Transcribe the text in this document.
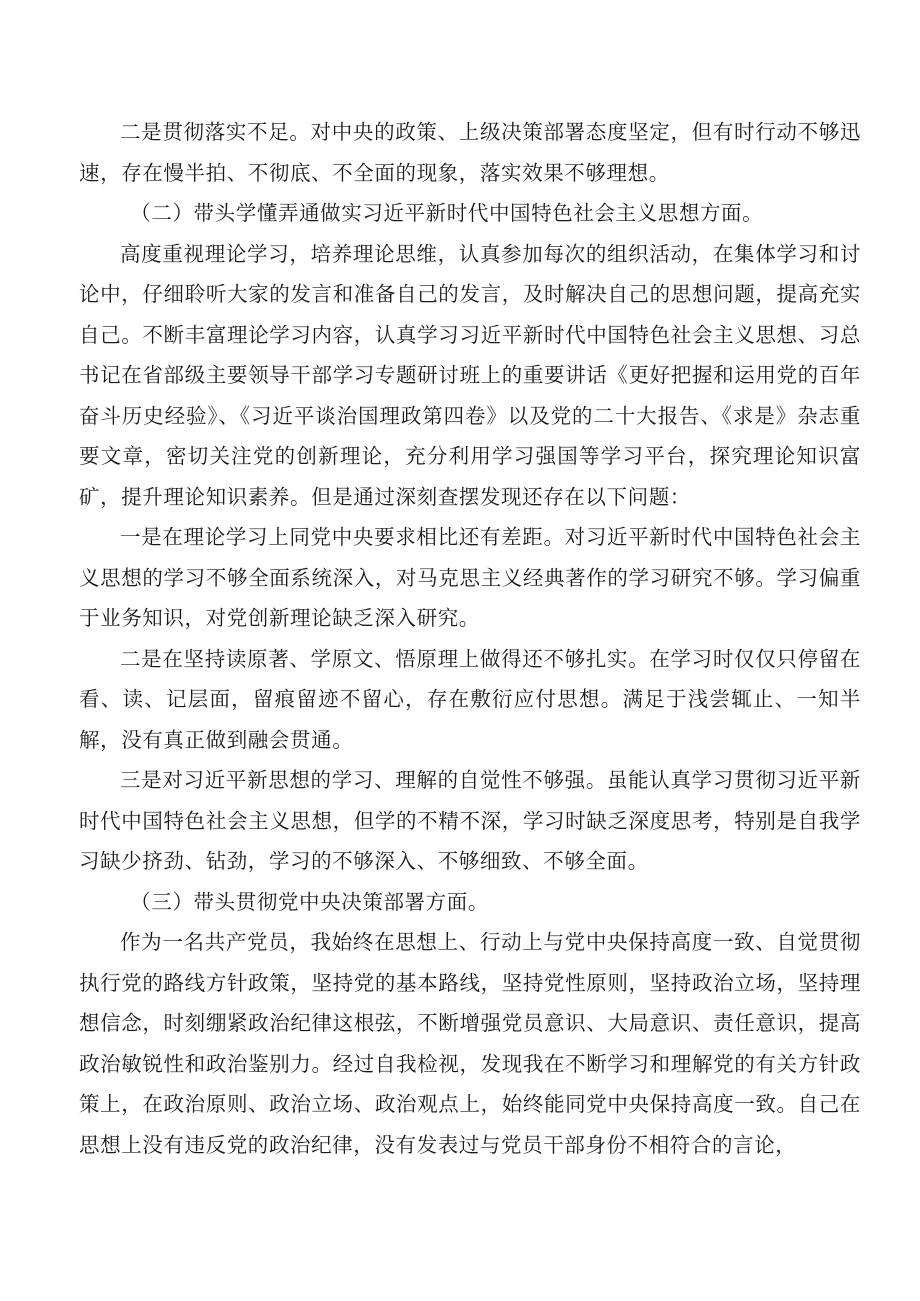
二是贯彻落实不足。对中央的政策、上级决策部署态度坚定，但有时行动不够迅速，存在慢半拍、不彻底、不全面的现象，落实效果不够理想。

（二）带头学懂弄通做实习近平新时代中国特色社会主义思想方面。

高度重视理论学习，培养理论思维，认真参加每次的组织活动，在集体学习和讨论中，仔细聆听大家的发言和准备自己的发言，及时解决自己的思想问题，提高充实自己。不断丰富理论学习内容，认真学习习近平新时代中国特色社会主义思想、习总书记在省部级主要领导干部学习专题研讨班上的重要讲话《更好把握和运用党的百年奋斗历史经验》、《习近平谈治国理政第四卷》以及党的二十大报告、《求是》杂志重要文章，密切关注党的创新理论，充分利用学习强国等学习平台，探究理论知识富矿，提升理论知识素养。但是通过深刻查摆发现还存在以下问题：

一是在理论学习上同党中央要求相比还有差距。对习近平新时代中国特色社会主义思想的学习不够全面系统深入，对马克思主义经典著作的学习研究不够。学习偏重于业务知识，对党创新理论缺乏深入研究。

二是在坚持读原著、学原文、悟原理上做得还不够扎实。在学习时仅仅只停留在看、读、记层面，留痕留迹不留心，存在敷衍应付思想。满足于浅尝辄止、一知半解，没有真正做到融会贯通。

三是对习近平新思想的学习、理解的自觉性不够强。虽能认真学习贯彻习近平新时代中国特色社会主义思想，但学的不精不深，学习时缺乏深度思考，特别是自我学习缺少挤劲、钻劲，学习的不够深入、不够细致、不够全面。

（三）带头贯彻党中央决策部署方面。

作为一名共产党员，我始终在思想上、行动上与党中央保持高度一致、自觉贯彻执行党的路线方针政策，坚持党的基本路线，坚持党性原则，坚持政治立场，坚持理想信念，时刻绷紧政治纪律这根弦，不断增强党员意识、大局意识、责任意识，提高政治敏锐性和政治鉴别力。经过自我检视，发现我在不断学习和理解党的有关方针政策上，在政治原则、政治立场、政治观点上，始终能同党中央保持高度一致。自己在思想上没有违反党的政治纪律，没有发表过与党员干部身份不相符合的言论，
